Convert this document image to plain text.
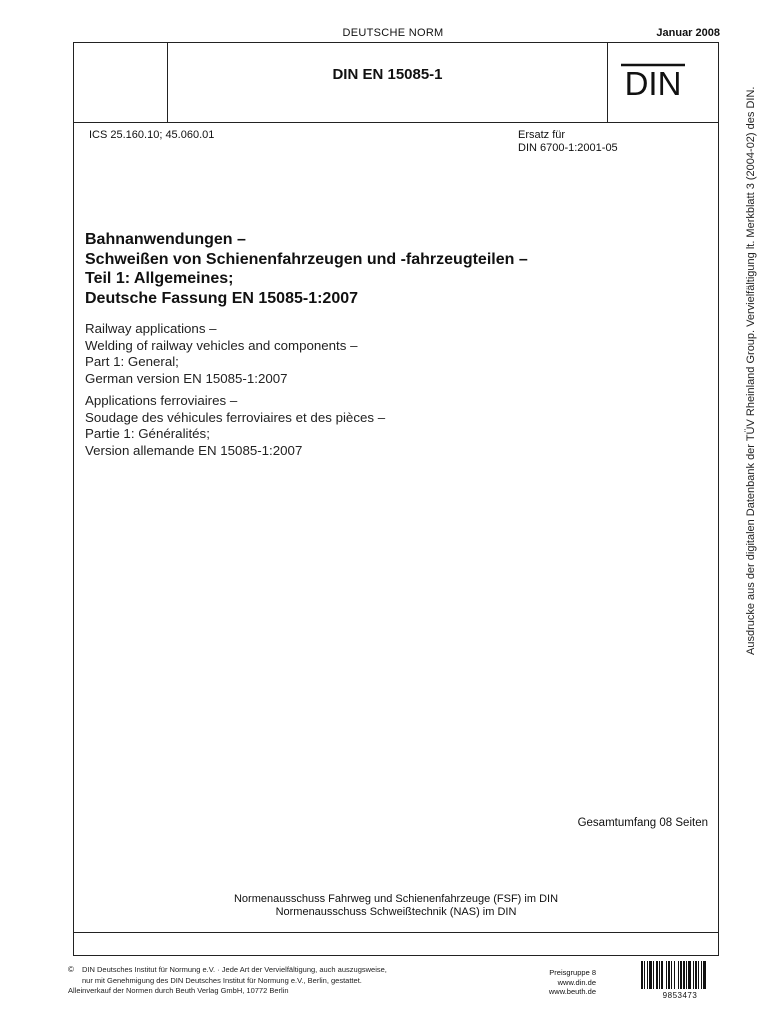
DEUTSCHE NORM	Januar 2008
DIN EN 15085-1	DIN
ICS 25.160.10; 45.060.01	Ersatz für
DIN 6700-1:2001-05
Bahnanwendungen –
Schweißen von Schienenfahrzeugen und -fahrzeugteilen –
Teil 1: Allgemeines;
Deutsche Fassung EN 15085-1:2007
Railway applications –
Welding of railway vehicles and components –
Part 1: General;
German version EN 15085-1:2007
Applications ferroviaires –
Soudage des véhicules ferroviaires et des pièces –
Partie 1: Généralités;
Version allemande EN 15085-1:2007
Gesamtumfang 08 Seiten
Normenausschuss Fahrweg und Schienenfahrzeuge (FSF) im DIN
Normenausschuss Schweißtechnik (NAS) im DIN
Ausdrucke aus der digitalen Datenbank der TÜV Rheinland Group. Vervielfältigung lt. Merkblatt 3 (2004-02) des DIN.
© DIN Deutsches Institut für Normung e.V. · Jede Art der Vervielfältigung, auch auszugsweise,
nur mit Genehmigung des DIN Deutsches Institut für Normung e.V., Berlin, gestattet.
Alleinverkauf der Normen durch Beuth Verlag GmbH, 10772 Berlin
Preisgruppe 8
www.din.de
www.beuth.de	9853473
